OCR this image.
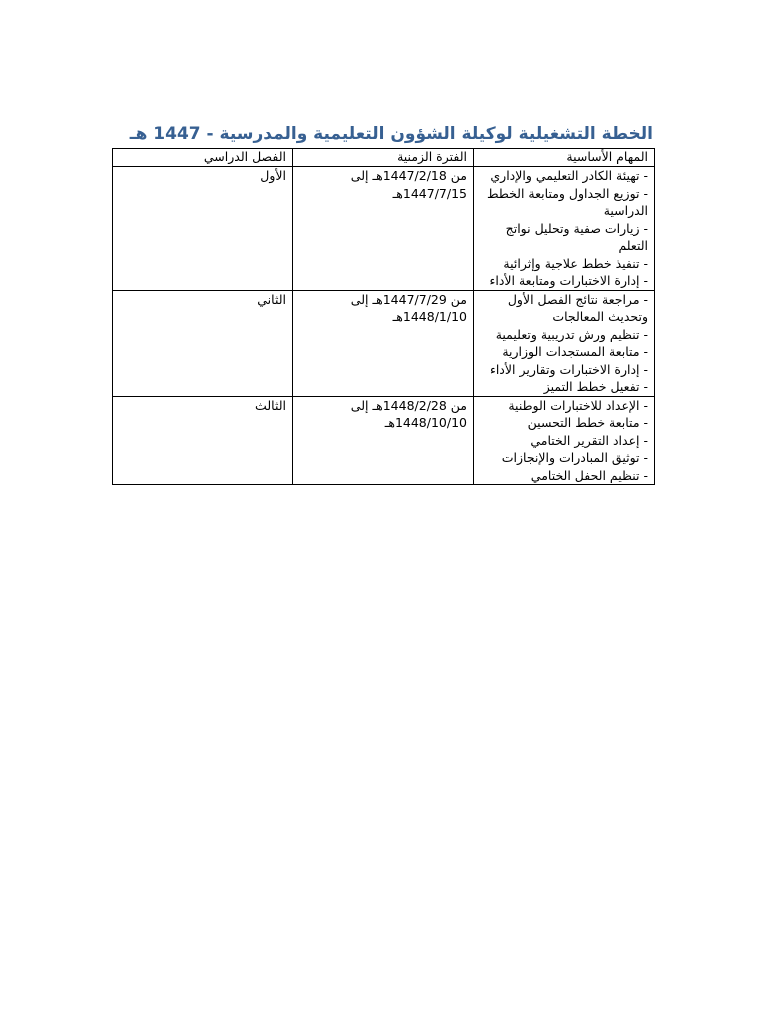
الخطة التشغيلية لوكيلة الشؤون التعليمية والمدرسية - 1447 هـ
المهام الأساسية	الفترة الزمنية	الفصل الدراسي

- تهيئة الكادر التعليمي والإداري
- توزيع الجداول ومتابعة الخطط الدراسية
- زيارات صفية وتحليل نواتج التعلم
- تنفيذ خطط علاجية وإثرائية
- إدارة الاختبارات ومتابعة الأداء	من 1447/2/18هـ إلى 1447/7/15هـ	الأول

- مراجعة نتائج الفصل الأول وتحديث المعالجات
- تنظيم ورش تدريبية وتعليمية
- متابعة المستجدات الوزارية
- إدارة الاختبارات وتقارير الأداء
- تفعيل خطط التميز	من 1447/7/29هـ إلى 1448/1/10هـ	الثاني

- الإعداد للاختبارات الوطنية
- متابعة خطط التحسين
- إعداد التقرير الختامي
- توثيق المبادرات والإنجازات
- تنظيم الحفل الختامي	من 1448/2/28هـ إلى 1448/10/10هـ	الثالث
